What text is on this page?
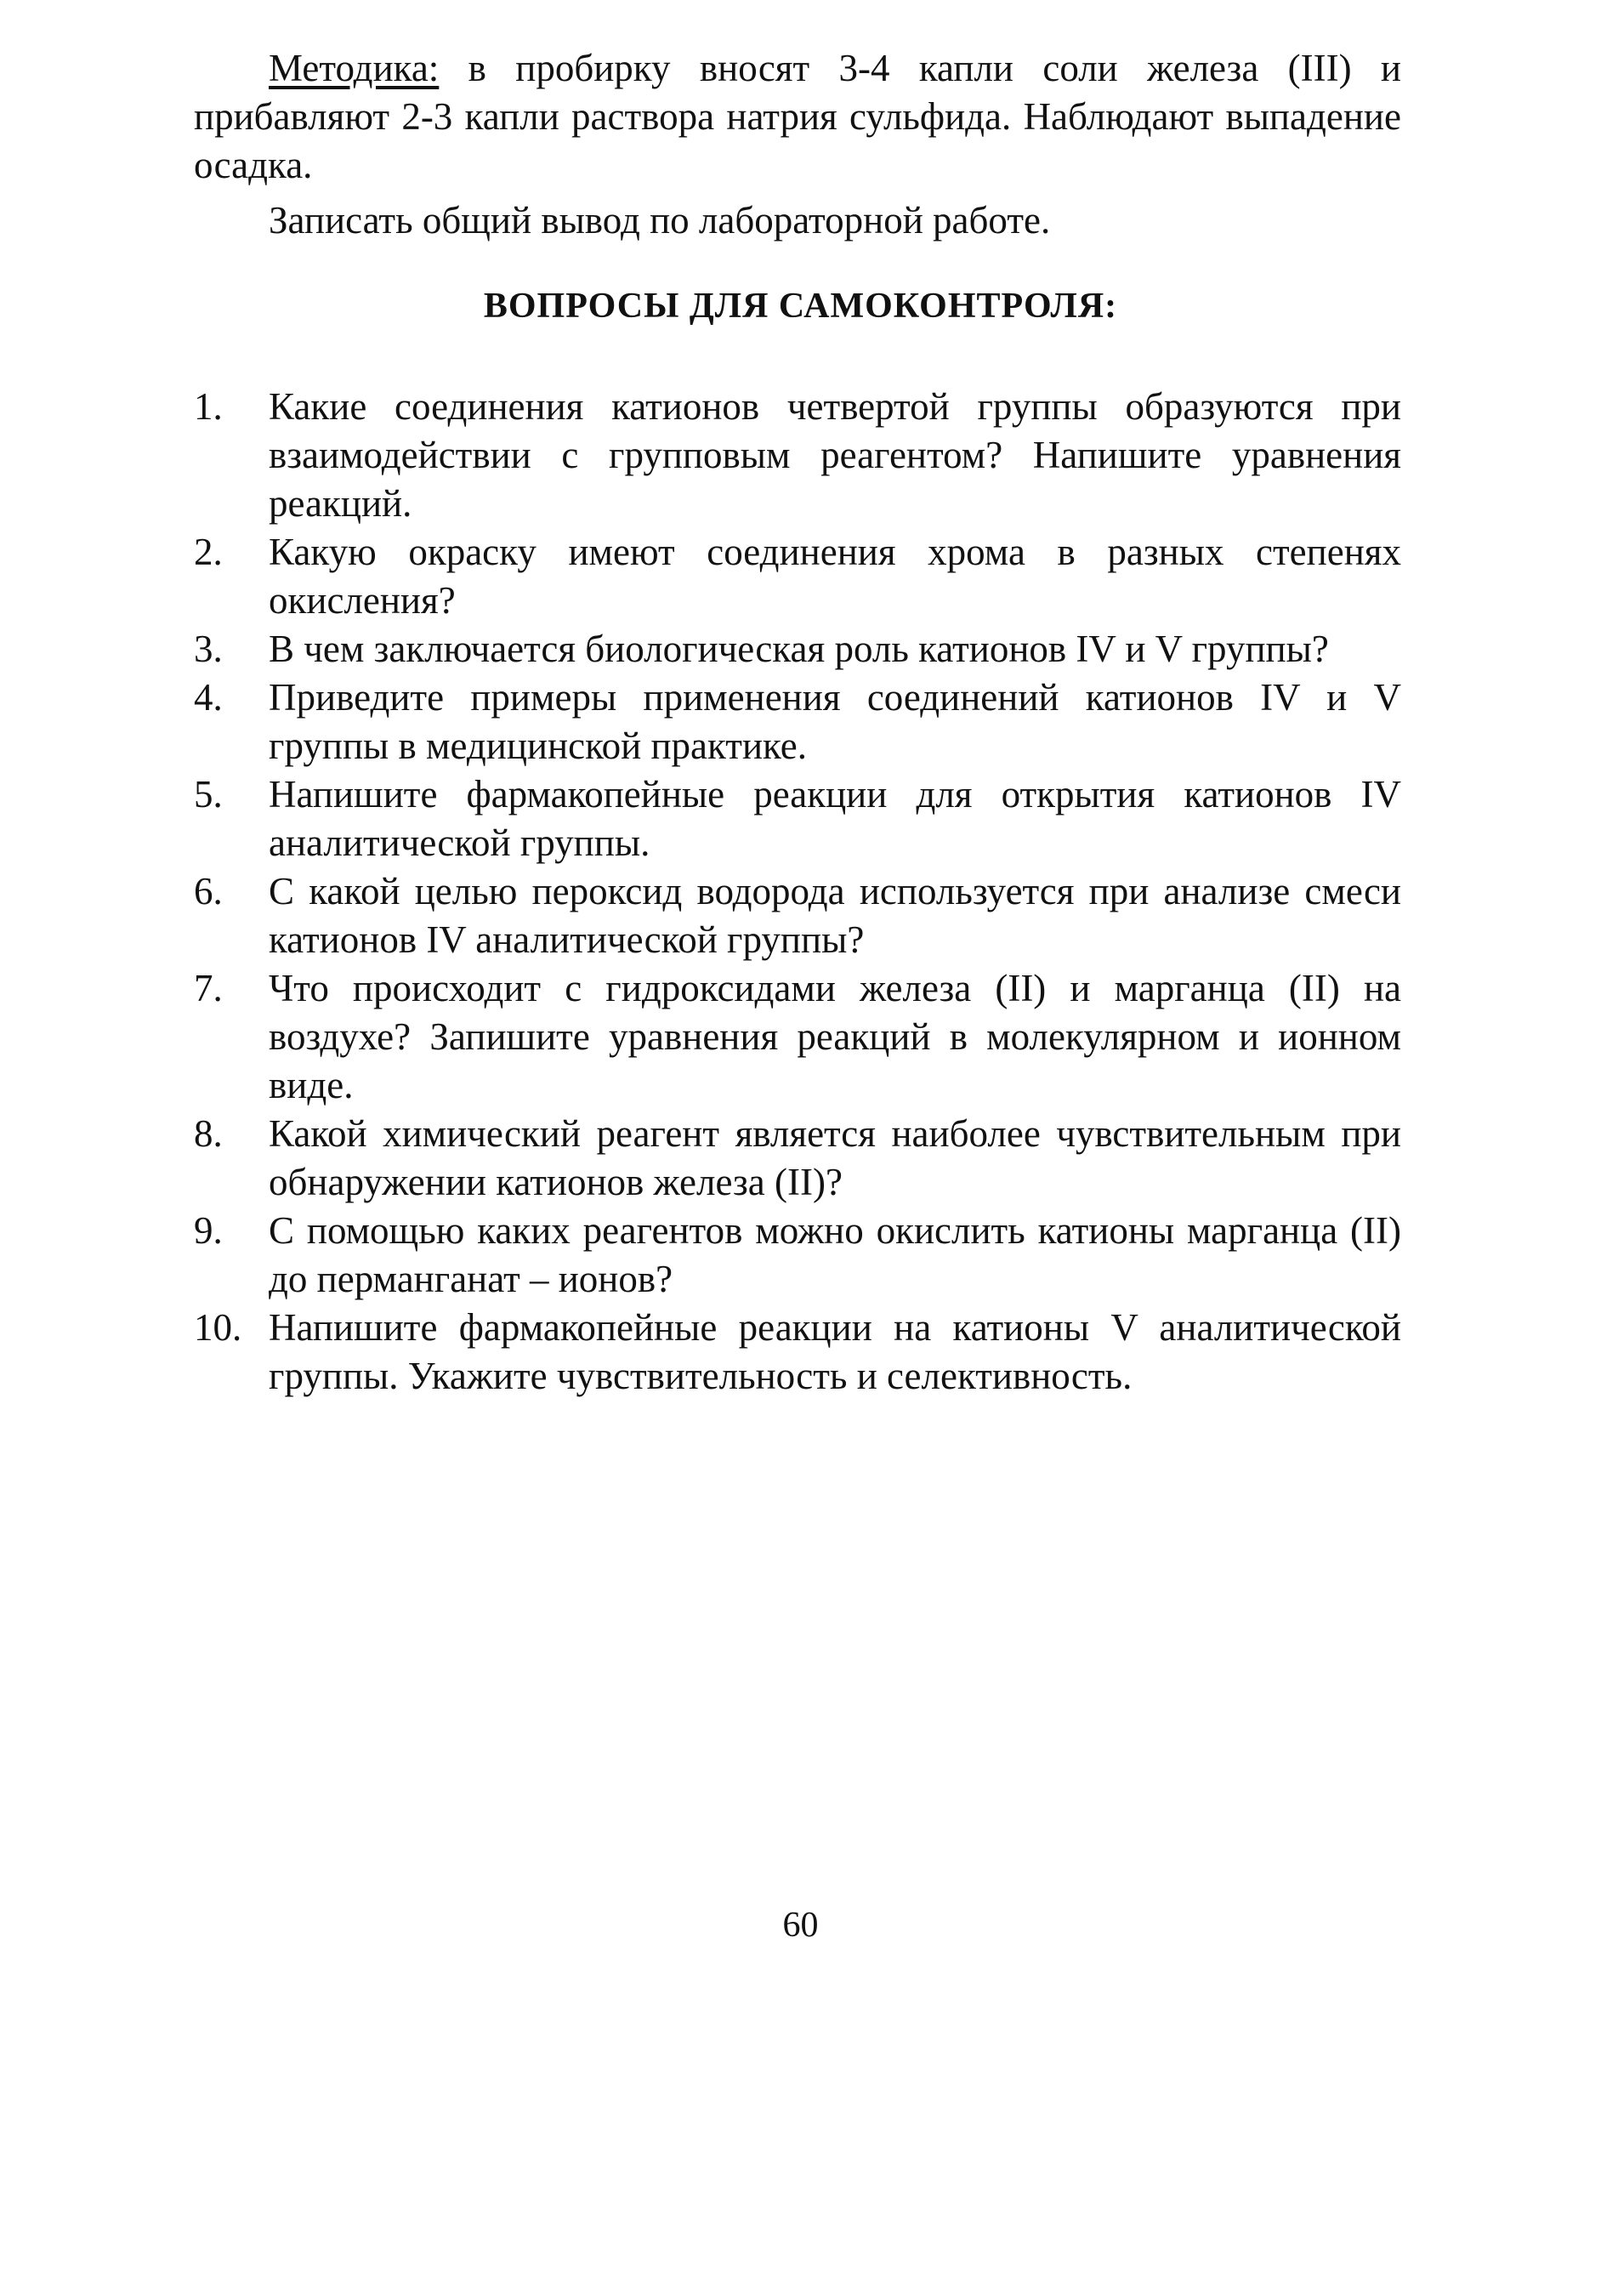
Методика: в пробирку вносят 3-4 капли соли железа (III) и прибавляют 2-3 капли раствора натрия сульфида. Наблюдают выпадение осадка.

Записать общий вывод по лабораторной работе.

ВОПРОСЫ ДЛЯ САМОКОНТРОЛЯ:
1.	Какие соединения катионов четвертой группы образуются при взаимодействии с групповым реагентом? Напишите уравнения реакций.
2.	Какую окраску имеют соединения хрома в разных степенях окисления?
3.	В чем заключается биологическая роль катионов IV и V группы?
4.	Приведите примеры применения соединений катионов IV и V группы в медицинской практике.
5.	Напишите фармакопейные реакции для открытия катионов IV аналитической группы.
6.	С какой целью пероксид водорода используется при анализе смеси катионов IV аналитической группы?
7.	Что происходит с гидроксидами железа (II) и марганца (II) на воздухе? Запишите уравнения реакций в молекулярном и ионном виде.
8.	Какой химический реагент является наиболее чувствительным при обнаружении катионов железа (II)?
9.	С помощью каких реагентов можно окислить катионы марганца (II) до перманганат – ионов?
10. Напишите фармакопейные реакции на катионы V аналитической группы. Укажите чувствительность и селективность.
60
